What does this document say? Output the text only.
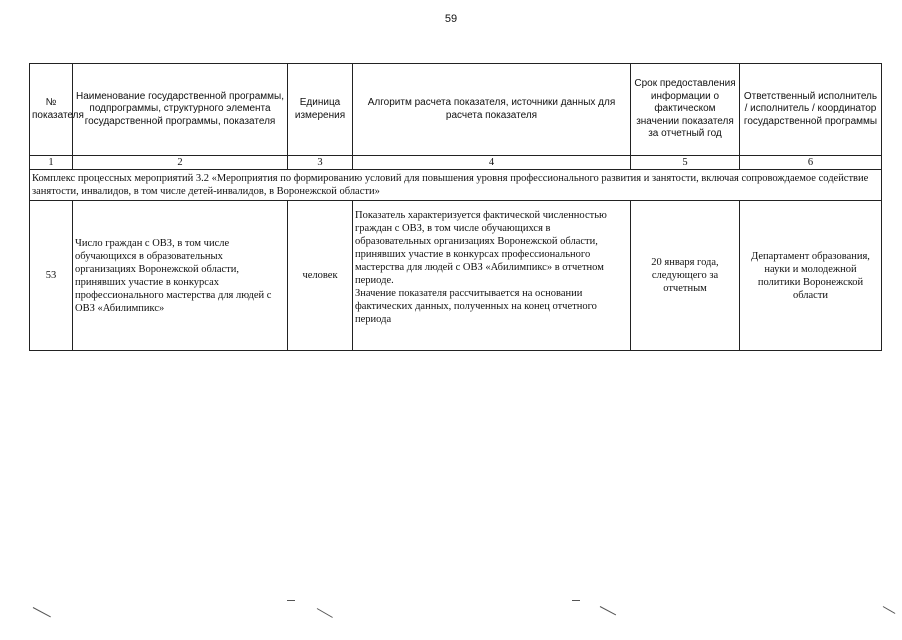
59
№ показателя	Наименование государственной программы, подпрограммы, структурного элемента государственной программы, показателя	Единица измерения	Алгоритм расчета показателя, источники данных для расчета показателя	Срок предоставления информации о фактическом значении показателя за отчетный год	Ответственный исполнитель / исполнитель / координатор государственной программы
1	2	3	4	5	6
Комплекс процессных мероприятий 3.2 «Мероприятия по формированию условий для повышения уровня профессионального развития и занятости, включая сопровождаемое содействие занятости, инвалидов, в том числе детей-инвалидов, в Воронежской области»					
53	Число граждан с ОВЗ, в том числе обучающихся в образовательных организациях Воронежской области, принявших участие в конкурсах профессионального мастерства для людей с ОВЗ «Абилимпикс»	человек	Показатель характеризуется фактической численностью граждан с ОВЗ, в том числе обучающихся в образовательных организациях Воронежской области, принявших участие в конкурсах профессионального мастерства для людей с ОВЗ «Абилимпикс» в отчетном периоде.

Значение показателя рассчитывается на основании фактических данных, полученных на конец отчетного периода	20 января года, следующего за отчетным	Департамент образования, науки и молодежной политики Воронежской области
